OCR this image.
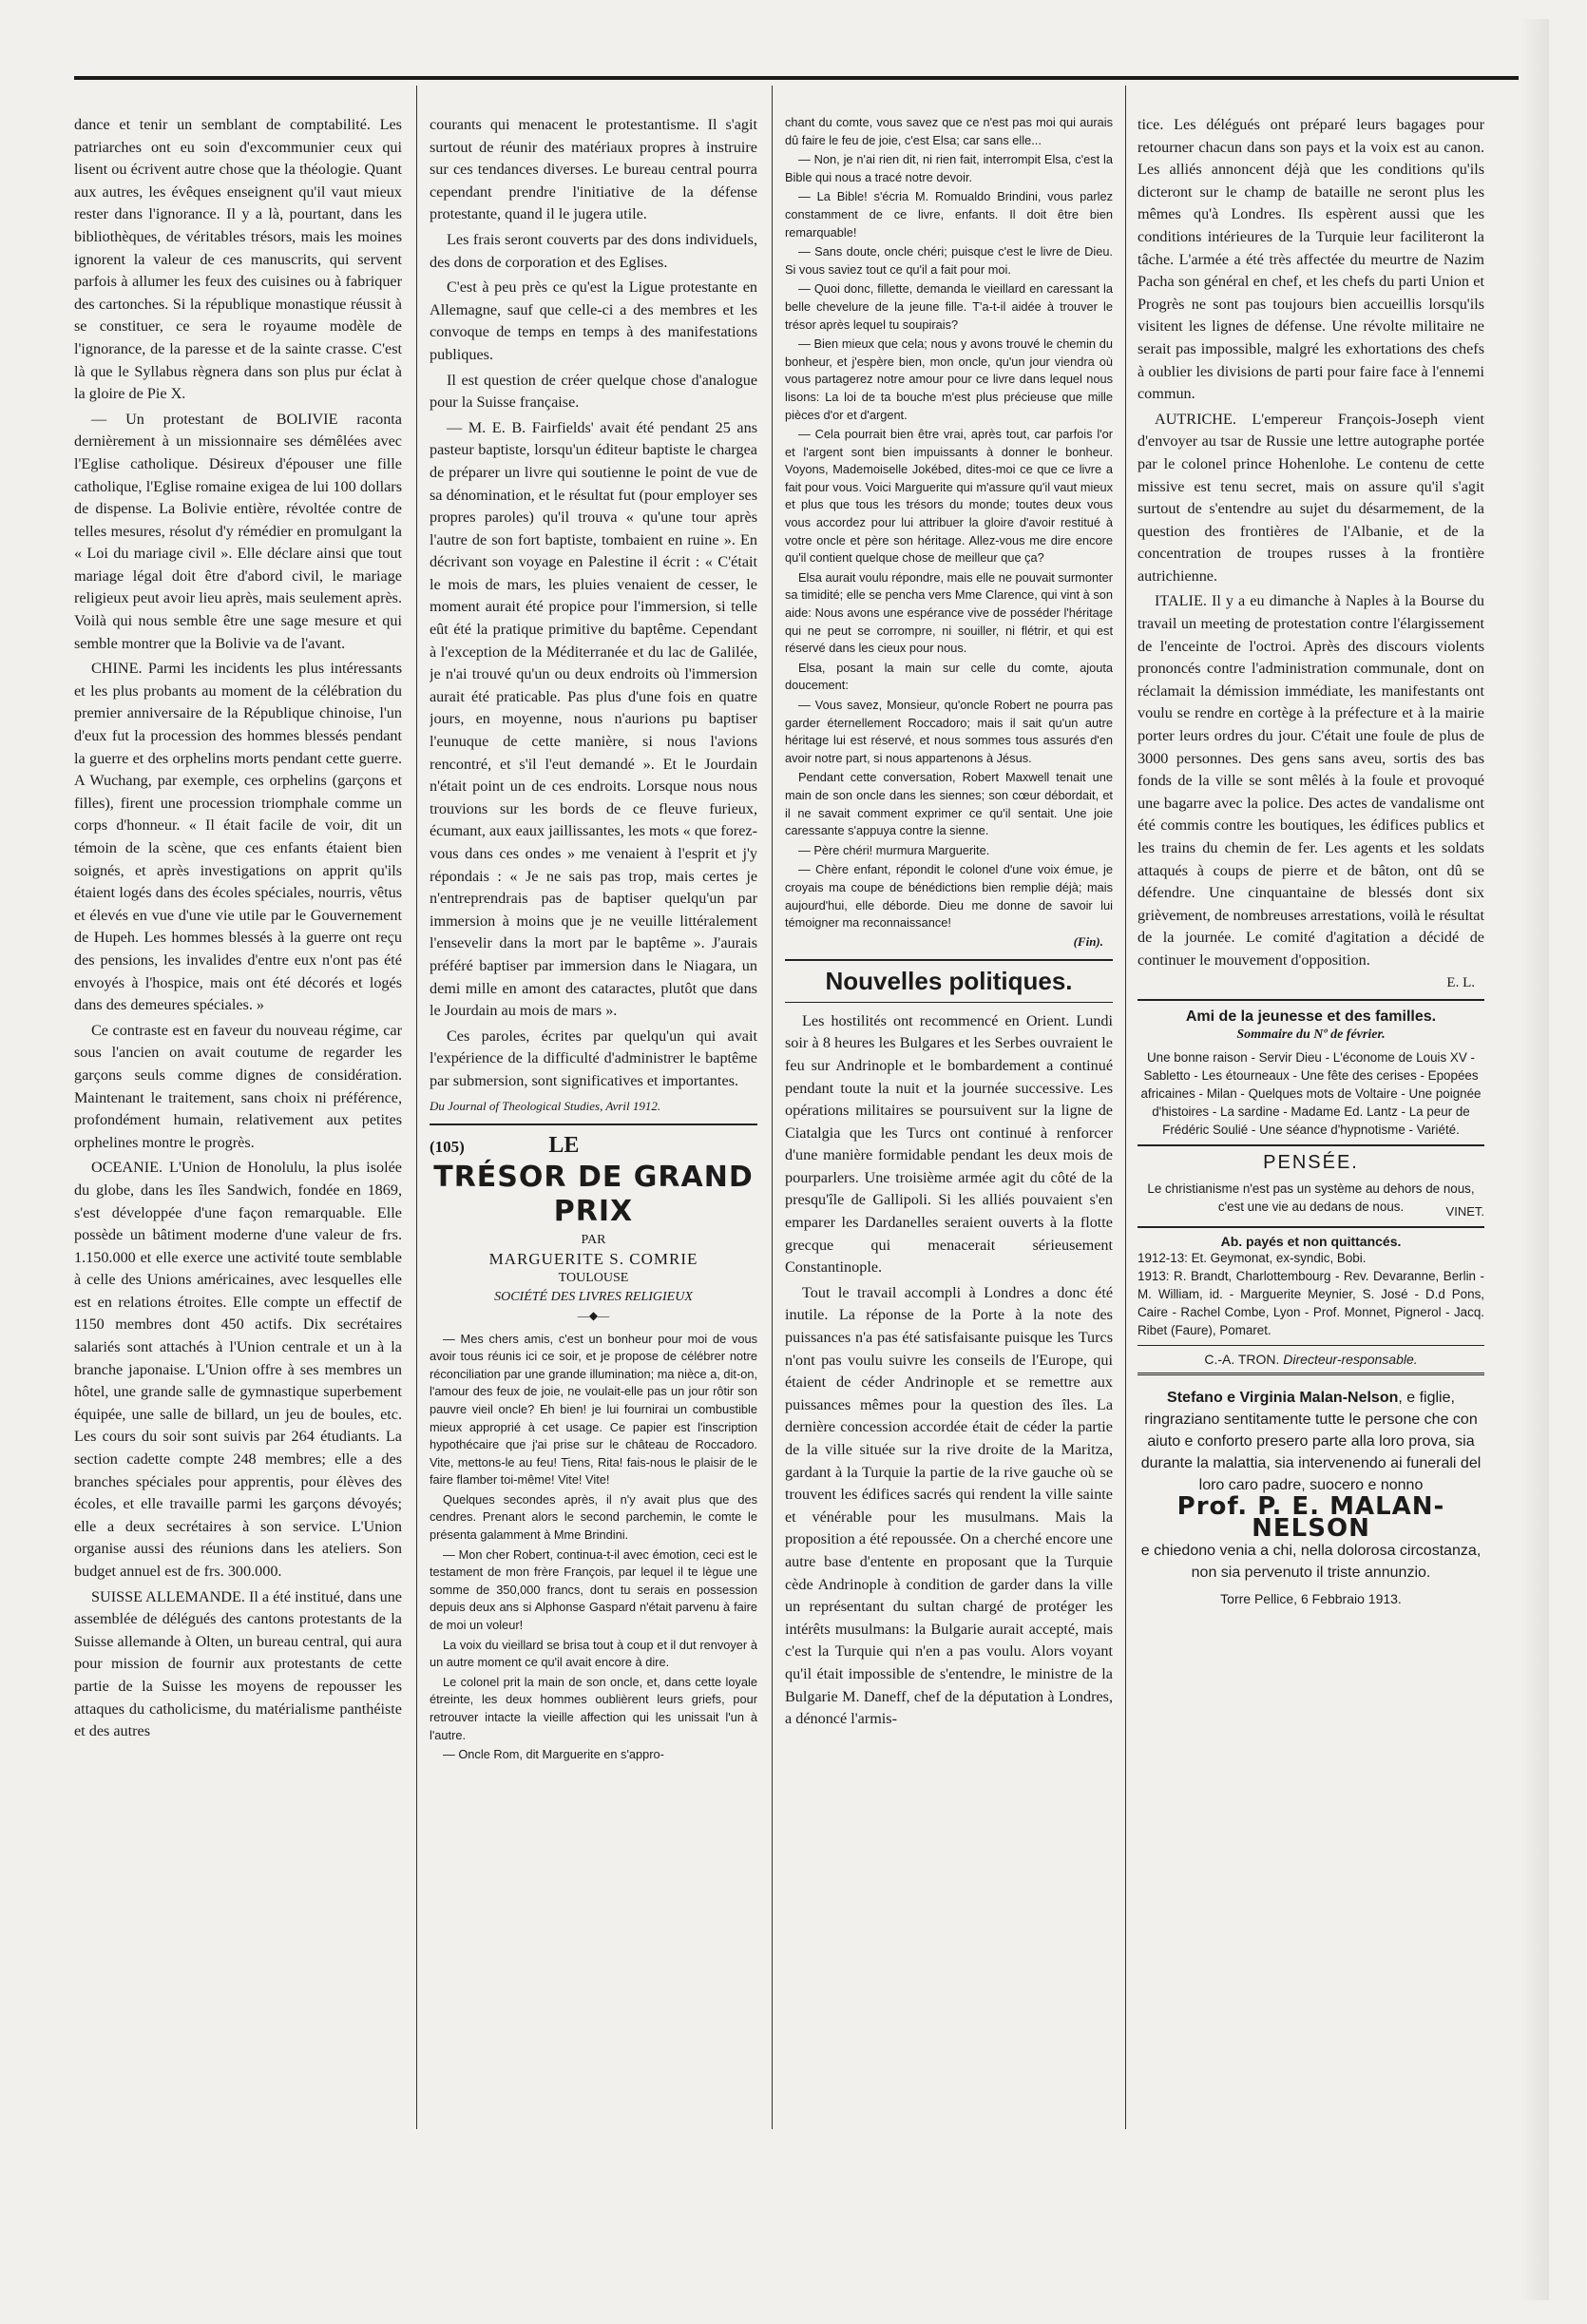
dance et tenir un semblant de comptabilité. Les patriarches ont eu soin d'excommunier ceux qui lisent ou écrivent autre chose que la théologie. Quant aux autres, les évêques enseignent qu'il vaut mieux rester dans l'ignorance. Il y a là, pourtant, dans les bibliothèques, de véritables trésors, mais les moines ignorent la valeur de ces manuscrits, qui servent parfois à allumer les feux des cuisines ou à fabriquer des cartonches. Si la république monastique réussit à se constituer, ce sera le royaume modèle de l'ignorance, de la paresse et de la sainte crasse. C'est là que le Syllabus règnera dans son plus pur éclat à la gloire de Pie X.

— Un protestant de BOLIVIE raconta dernièrement à un missionnaire ses démêlées avec l'Eglise catholique. Désireux d'épouser une fille catholique, l'Eglise romaine exigea de lui 100 dollars de dispense. La Bolivie entière, révoltée contre de telles mesures, résolut d'y rémédier en promulgant la « Loi du mariage civil ». Elle déclare ainsi que tout mariage légal doit être d'abord civil, le mariage religieux peut avoir lieu après, mais seulement après. Voilà qui nous semble être une sage mesure et qui semble montrer que la Bolivie va de l'avant.

CHINE. Parmi les incidents les plus intéressants et les plus probants au moment de la célébration du premier anniversaire de la République chinoise, l'un d'eux fut la procession des hommes blessés pendant la guerre et des orphelins morts pendant cette guerre. A Wuchang, par exemple, ces orphelins (garçons et filles), firent une procession triomphale comme un corps d'honneur. « Il était facile de voir, dit un témoin de la scène, que ces enfants étaient bien soignés, et après investigations on apprit qu'ils étaient logés dans des écoles spéciales, nourris, vêtus et élevés en vue d'une vie utile par le Gouvernement de Hupeh. Les hommes blessés à la guerre ont reçu des pensions, les invalides d'entre eux n'ont pas été envoyés à l'hospice, mais ont été décorés et logés dans des demeures spéciales. »

Ce contraste est en faveur du nouveau régime, car sous l'ancien on avait coutume de regarder les garçons seuls comme dignes de considération. Maintenant le traitement, sans choix ni préférence, profondément humain, relativement aux petites orphelines montre le progrès.

OCEANIE. L'Union de Honolulu, la plus isolée du globe, dans les îles Sandwich, fondée en 1869, s'est développée d'une façon remarquable. Elle possède un bâtiment moderne d'une valeur de frs. 1.150.000 et elle exerce une activité toute semblable à celle des Unions américaines, avec lesquelles elle est en relations étroites. Elle compte un effectif de 1150 membres dont 450 actifs. Dix secrétaires salariés sont attachés à l'Union centrale et un à la branche japonaise. L'Union offre à ses membres un hôtel, une grande salle de gymnastique superbement équipée, une salle de billard, un jeu de boules, etc. Les cours du soir sont suivis par 264 étudiants. La section cadette compte 248 membres; elle a des branches spéciales pour apprentis, pour élèves des écoles, et elle travaille parmi les garçons dévoyés; elle a deux secrétaires à son service. L'Union organise aussi des réunions dans les ateliers. Son budget annuel est de frs. 300.000.

SUISSE ALLEMANDE. Il a été institué, dans une assemblée de délégués des cantons protestants de la Suisse allemande à Olten, un bureau central, qui aura pour mission de fournir aux protestants de cette partie de la Suisse les moyens de repousser les attaques du catholicisme, du matérialisme panthéiste et des autres

courants qui menacent le protestantisme. Il s'agit surtout de réunir des matériaux propres à instruire sur ces tendances diverses. Le bureau central pourra cependant prendre l'initiative de la défense protestante, quand il le jugera utile.

Les frais seront couverts par des dons individuels, des dons de corporation et des Eglises.

C'est à peu près ce qu'est la Ligue protestante en Allemagne, sauf que celle-ci a des membres et les convoque de temps en temps à des manifestations publiques.

Il est question de créer quelque chose d'analogue pour la Suisse française.

— M. E. B. Fairfields' avait été pendant 25 ans pasteur baptiste, lorsqu'un éditeur baptiste le chargea de préparer un livre qui soutienne le point de vue de sa dénomination, et le résultat fut (pour employer ses propres paroles) qu'il trouva « qu'une tour après l'autre de son fort baptiste, tombaient en ruine ». En décrivant son voyage en Palestine il écrit : « C'était le mois de mars, les pluies venaient de cesser, le moment aurait été propice pour l'immersion, si telle eût été la pratique primitive du baptême. Cependant à l'exception de la Méditerranée et du lac de Galilée, je n'ai trouvé qu'un ou deux endroits où l'immersion aurait été praticable. Pas plus d'une fois en quatre jours, en moyenne, nous n'aurions pu baptiser l'eunuque de cette manière, si nous l'avions rencontré, et s'il l'eut demandé ». Et le Jourdain n'était point un de ces endroits. Lorsque nous nous trouvions sur les bords de ce fleuve furieux, écumant, aux eaux jaillissantes, les mots « que forez-vous dans ces ondes » me venaient à l'esprit et j'y répondais : « Je ne sais pas trop, mais certes je n'entreprendrais pas de baptiser quelqu'un par immersion à moins que je ne veuille littéralement l'ensevelir dans la mort par le baptême ». J'aurais préféré baptiser par immersion dans le Niagara, un demi mille en amont des cataractes, plutôt que dans le Jourdain au mois de mars ».

Ces paroles, écrites par quelqu'un qui avait l'expérience de la difficulté d'administrer le baptême par submersion, sont significatives et importantes.

Du Journal of Theological Studies, Avril 1912.
(105)	LE
TRÉSOR DE GRAND PRIX
PAR
MARGUERITE S. COMRIE
TOULOUSE
SOCIÉTÉ DES LIVRES RELIGIEUX
—◆—

— Mes chers amis, c'est un bonheur pour moi de vous avoir tous réunis ici ce soir, et je propose de célébrer notre réconciliation par une grande illumination; ma nièce a, dit-on, l'amour des feux de joie, ne voulait-elle pas un jour rôtir son pauvre vieil oncle? Eh bien! je lui fournirai un combustible mieux approprié à cet usage. Ce papier est l'inscription hypothécaire que j'ai prise sur le château de Roccadoro. Vite, mettons-le au feu! Tiens, Rita! fais-nous le plaisir de le faire flamber toi-même! Vite! Vite!

Quelques secondes après, il n'y avait plus que des cendres. Prenant alors le second parchemin, le comte le présenta galamment à Mme Brindini.

— Mon cher Robert, continua-t-il avec émotion, ceci est le testament de mon frère François, par lequel il te lègue une somme de 350,000 francs, dont tu serais en possession depuis deux ans si Alphonse Gaspard n'était parvenu à faire de moi un voleur!

La voix du vieillard se brisa tout à coup et il dut renvoyer à un autre moment ce qu'il avait encore à dire.

Le colonel prit la main de son oncle, et, dans cette loyale étreinte, les deux hommes oublièrent leurs griefs, pour retrouver intacte la vieille affection qui les unissait l'un à l'autre.

— Oncle Rom, dit Marguerite en s'appro-

chant du comte, vous savez que ce n'est pas moi qui aurais dû faire le feu de joie, c'est Elsa; car sans elle...

— Non, je n'ai rien dit, ni rien fait, interrompit Elsa, c'est la Bible qui nous a tracé notre devoir.

— La Bible! s'écria M. Romualdo Brindini, vous parlez constamment de ce livre, enfants. Il doit être bien remarquable!

— Sans doute, oncle chéri; puisque c'est le livre de Dieu. Si vous saviez tout ce qu'il a fait pour moi.

— Quoi donc, fillette, demanda le vieillard en caressant la belle chevelure de la jeune fille. T'a-t-il aidée à trouver le trésor après lequel tu soupirais?

— Bien mieux que cela; nous y avons trouvé le chemin du bonheur, et j'espère bien, mon oncle, qu'un jour viendra où vous partagerez notre amour pour ce livre dans lequel nous lisons: La loi de ta bouche m'est plus précieuse que mille pièces d'or et d'argent.

— Cela pourrait bien être vrai, après tout, car parfois l'or et l'argent sont bien impuissants à donner le bonheur. Voyons, Mademoiselle Jokébed, dites-moi ce que ce livre a fait pour vous. Voici Marguerite qui m'assure qu'il vaut mieux et plus que tous les trésors du monde; toutes deux vous vous accordez pour lui attribuer la gloire d'avoir restitué à votre oncle et père son héritage. Allez-vous me dire encore qu'il contient quelque chose de meilleur que ça?

Elsa aurait voulu répondre, mais elle ne pouvait surmonter sa timidité; elle se pencha vers Mme Clarence, qui vint à son aide: Nous avons une espérance vive de posséder l'héritage qui ne peut se corrompre, ni souiller, ni flétrir, et qui est réservé dans les cieux pour nous.

Elsa, posant la main sur celle du comte, ajouta doucement:

— Vous savez, Monsieur, qu'oncle Robert ne pourra pas garder éternellement Roccadoro; mais il sait qu'un autre héritage lui est réservé, et nous sommes tous assurés d'en avoir notre part, si nous appartenons à Jésus.

Pendant cette conversation, Robert Maxwell tenait une main de son oncle dans les siennes; son cœur débordait, et il ne savait comment exprimer ce qu'il sentait. Une joie caressante s'appuya contre la sienne.

— Père chéri! murmura Marguerite.

— Chère enfant, répondit le colonel d'une voix émue, je croyais ma coupe de bénédictions bien remplie déjà; mais aujourd'hui, elle déborde. Dieu me donne de savoir lui témoigner ma reconnaissance!

(Fin).
Nouvelles politiques.

Les hostilités ont recommencé en Orient. Lundi soir à 8 heures les Bulgares et les Serbes ouvraient le feu sur Andrinople et le bombardement a continué pendant toute la nuit et la journée successive. Les opérations militaires se poursuivent sur la ligne de Ciatalgia que les Turcs ont continué à renforcer d'une manière formidable pendant les deux mois de pourparlers. Une troisième armée agit du côté de la presqu'île de Gallipoli. Si les alliés pouvaient s'en emparer les Dardanelles seraient ouverts à la flotte grecque qui menacerait sérieusement Constantinople.

Tout le travail accompli à Londres a donc été inutile. La réponse de la Porte à la note des puissances n'a pas été satisfaisante puisque les Turcs n'ont pas voulu suivre les conseils de l'Europe, qui étaient de céder Andrinople et se remettre aux puissances mêmes pour la question des îles. La dernière concession accordée était de céder la partie de la ville située sur la rive droite de la Maritza, gardant à la Turquie la partie de la rive gauche où se trouvent les édifices sacrés qui rendent la ville sainte et vénérable pour les musulmans. Mais la proposition a été repoussée. On a cherché encore une autre base d'entente en proposant que la Turquie cède Andrinople à condition de garder dans la ville un représentant du sultan chargé de protéger les intérêts musulmans: la Bulgarie aurait accepté, mais c'est la Turquie qui n'en a pas voulu. Alors voyant qu'il était impossible de s'entendre, le ministre de la Bulgarie M. Daneff, chef de la députation à Londres, a dénoncé l'armis-

tice. Les délégués ont préparé leurs bagages pour retourner chacun dans son pays et la voix est au canon. Les alliés annoncent déjà que les conditions qu'ils dicteront sur le champ de bataille ne seront plus les mêmes qu'à Londres. Ils espèrent aussi que les conditions intérieures de la Turquie leur faciliteront la tâche. L'armée a été très affectée du meurtre de Nazim Pacha son général en chef, et les chefs du parti Union et Progrès ne sont pas toujours bien accueillis lorsqu'ils visitent les lignes de défense. Une révolte militaire ne serait pas impossible, malgré les exhortations des chefs à oublier les divisions de parti pour faire face à l'ennemi commun.

AUTRICHE. L'empereur François-Joseph vient d'envoyer au tsar de Russie une lettre autographe portée par le colonel prince Hohenlohe. Le contenu de cette missive est tenu secret, mais on assure qu'il s'agit surtout de s'entendre au sujet du désarmement, de la question des frontières de l'Albanie, et de la concentration de troupes russes à la frontière autrichienne.

ITALIE. Il y a eu dimanche à Naples à la Bourse du travail un meeting de protestation contre l'élargissement de l'enceinte de l'octroi. Après des discours violents prononcés contre l'administration communale, dont on réclamait la démission immédiate, les manifestants ont voulu se rendre en cortège à la préfecture et à la mairie porter leurs ordres du jour. C'était une foule de plus de 3000 personnes. Des gens sans aveu, sortis des bas fonds de la ville se sont mêlés à la foule et provoqué une bagarre avec la police. Des actes de vandalisme ont été commis contre les boutiques, les édifices publics et les trains du chemin de fer. Les agents et les soldats attaqués à coups de pierre et de bâton, ont dû se défendre. Une cinquantaine de blessés dont six grièvement, de nombreuses arrestations, voilà le résultat de la journée. Le comité d'agitation a décidé de continuer le mouvement d'opposition.

E. L.
Ami de la jeunesse et des familles.
Sommaire du Nº de février.
Une bonne raison - Servir Dieu - L'économe de Louis XV - Sabletto - Les étourneaux - Une fête des cerises - Epopées africaines - Milan - Quelques mots de Voltaire - Une poignée d'histoires - La sardine - Madame Ed. Lantz - La peur de Frédéric Soulié - Une séance d'hypnotisme - Variété.
PENSÉE.
Le christianisme n'est pas un système au dehors de nous, c'est une vie au dedans de nous.	VINET.
Ab. payés et non quittancés.
1912-13: Et. Geymonat, ex-syndic, Bobi.
1913: R. Brandt, Charlottembourg - Rev. Devaranne, Berlin - M. William, id. - Marguerite Meynier, S. José - D.d Pons, Caire - Rachel Combe, Lyon - Prof. Monnet, Pignerol - Jacq. Ribet (Faure), Pomaret.
C.-A. TRON. Directeur-responsable.
Stefano e Virginia Malan-Nelson, e figlie, ringraziano sentitamente tutte le persone che con aiuto e conforto presero parte alla loro prova, sia durante la malattia, sia intervenendo ai funerali del loro caro padre, suocero e nonno
Prof. P. E. MALAN-NELSON
e chiedono venia a chi, nella dolorosa circostanza, non sia pervenuto il triste annunzio.
Torre Pellice, 6 Febbraio 1913.
